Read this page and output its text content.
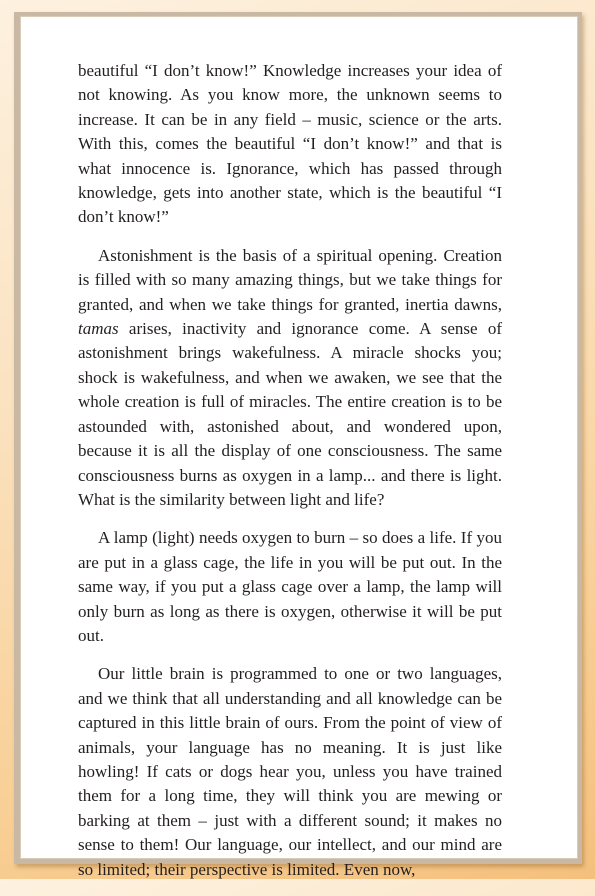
beautiful “I don’t know!” Knowledge increases your idea of not knowing. As you know more, the unknown seems to increase. It can be in any field – music, science or the arts. With this, comes the beautiful “I don’t know!” and that is what innocence is. Ignorance, which has passed through knowledge, gets into another state, which is the beautiful “I don’t know!”

Astonishment is the basis of a spiritual opening. Creation is filled with so many amazing things, but we take things for granted, and when we take things for granted, inertia dawns, tamas arises, inactivity and ignorance come. A sense of astonishment brings wakefulness. A miracle shocks you; shock is wakefulness, and when we awaken, we see that the whole creation is full of miracles. The entire creation is to be astounded with, astonished about, and wondered upon, because it is all the display of one consciousness. The same consciousness burns as oxygen in a lamp... and there is light. What is the similarity between light and life?

A lamp (light) needs oxygen to burn – so does a life. If you are put in a glass cage, the life in you will be put out. In the same way, if you put a glass cage over a lamp, the lamp will only burn as long as there is oxygen, otherwise it will be put out.

Our little brain is programmed to one or two languages, and we think that all understanding and all knowledge can be captured in this little brain of ours. From the point of view of animals, your language has no meaning. It is just like howling! If cats or dogs hear you, unless you have trained them for a long time, they will think you are mewing or barking at them – just with a different sound; it makes no sense to them! Our language, our intellect, and our mind are so limited; their perspective is limited. Even now,
